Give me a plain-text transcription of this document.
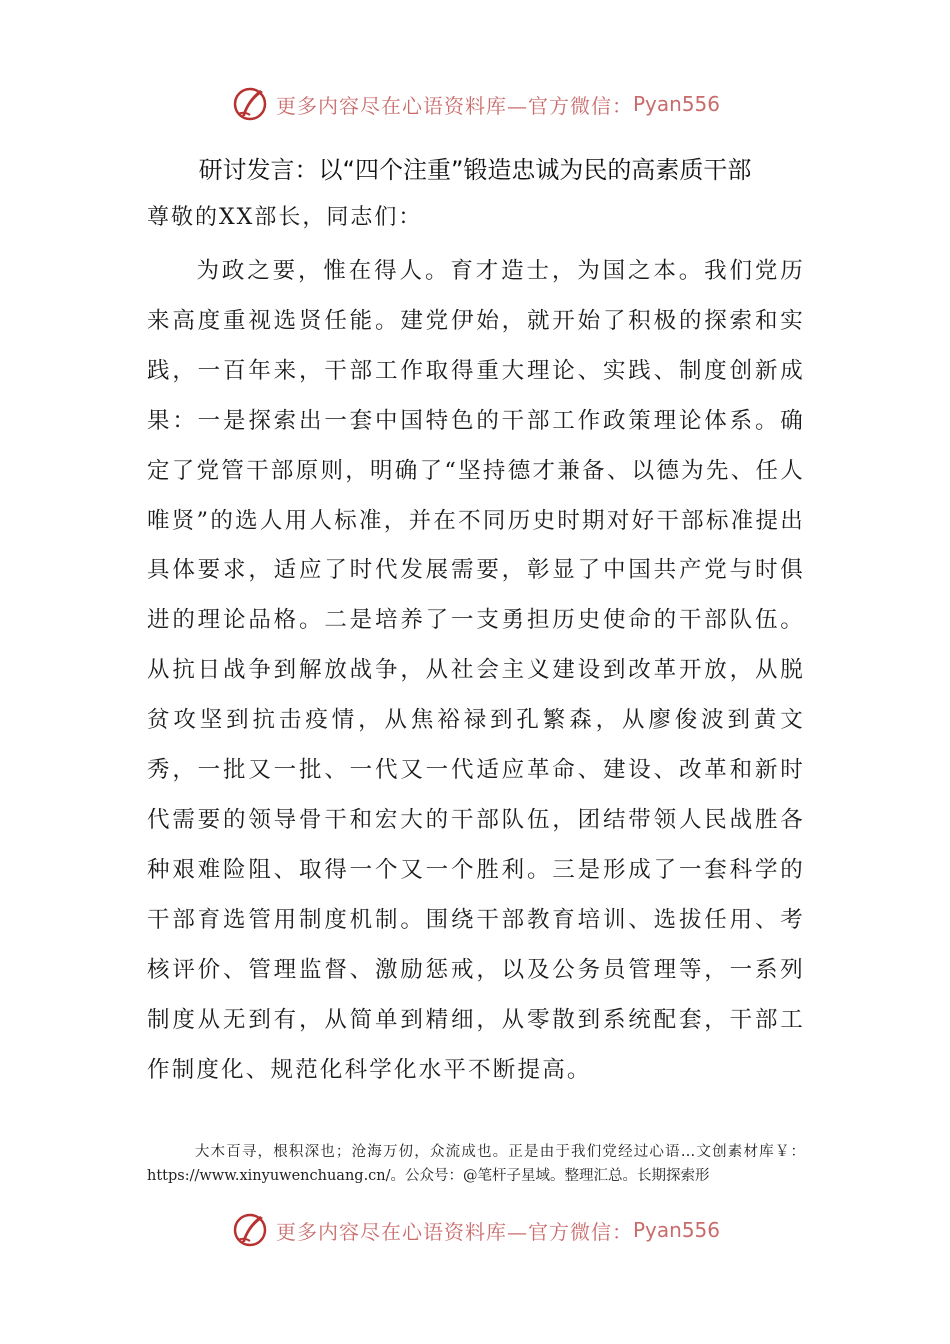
更多内容尽在心语资料库—官方微信： Pyan556
研讨发言：以“四个注重”锻造忠诚为民的高素质干部
尊敬的XX部长，同志们：

为政之要，惟在得人。育才造士，为国之本。我们党历来高度重视选贤任能。建党伊始，就开始了积极的探索和实践，一百年来，干部工作取得重大理论、实践、制度创新成果：一是探索出一套中国特色的干部工作政策理论体系。确定了党管干部原则，明确了“坚持德才兼备、以德为先、任人唯贤”的选人用人标准，并在不同历史时期对好干部标准提出具体要求，适应了时代发展需要，彰显了中国共产党与时俱进的理论品格。二是培养了一支勇担历史使命的干部队伍。从抗日战争到解放战争，从社会主义建设到改革开放，从脱贫攻坚到抗击疫情，从焦裕禄到孔繁森，从廖俊波到黄文秀，一批又一批、一代又一代适应革命、建设、改革和新时代需要的领导骨干和宏大的干部队伍，团结带领人民战胜各种艰难险阻、取得一个又一个胜利。三是形成了一套科学的干部育选管用制度机制。围绕干部教育培训、选拔任用、考核评价、管理监督、激励惩戒，以及公务员管理等，一系列制度从无到有，从简单到精细，从零散到系统配套，干部工作制度化、规范化科学化水平不断提高。

大木百寻，根积深也；沧海万仞，众流成也。正是由于我们党经过心语…文创素材库￥：https://www.xinyuwenchuang.cn/。公众号：@笔杆子星域。整理汇总。长期探索形

更多内容尽在心语资料库—官方微信： Pyan556
